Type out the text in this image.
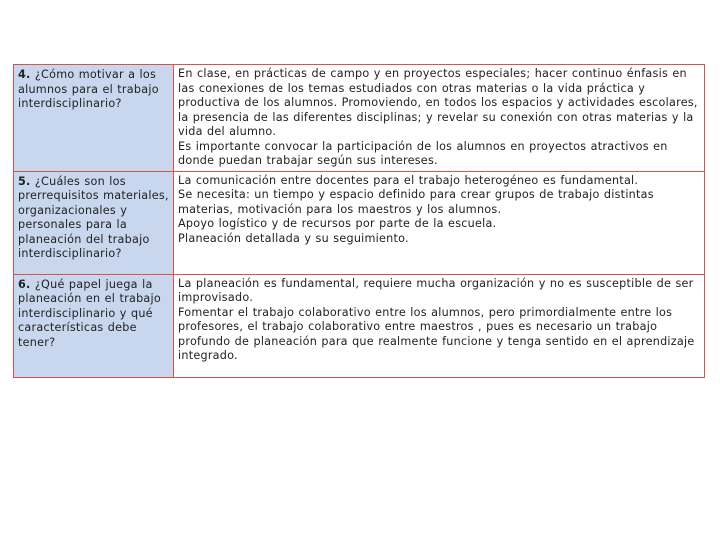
4. ¿Cómo motivar a los alumnos para el trabajo interdisciplinario?	En clase, en prácticas de campo y en proyectos especiales; hacer continuo énfasis en las conexiones de los temas estudiados con otras materias o la vida práctica y productiva de los alumnos. Promoviendo, en todos los espacios y actividades escolares, la presencia de las diferentes disciplinas; y revelar su conexión con otras materias y la vida del alumno.

Es importante convocar la participación de los alumnos en proyectos atractivos en donde puedan trabajar según sus intereses.

5. ¿Cuáles son los prerrequisitos materiales, organizacionales y personales para la planeación del trabajo interdisciplinario?	La comunicación entre docentes para el trabajo heterogéneo es fundamental.

Se necesita: un tiempo y espacio definido para crear grupos de trabajo distintas materias, motivación para los maestros y los alumnos.

Apoyo logístico y de recursos por parte de la escuela.

Planeación detallada y su seguimiento.

6. ¿Qué papel juega la planeación en el trabajo interdisciplinario y qué características debe tener?	La planeación es fundamental, requiere mucha organización y no es susceptible de ser improvisado.

Fomentar el trabajo colaborativo entre los alumnos, pero primordialmente entre los profesores, el trabajo colaborativo entre maestros , pues es necesario un trabajo profundo de planeación para que realmente funcione y tenga sentido en el aprendizaje integrado.
